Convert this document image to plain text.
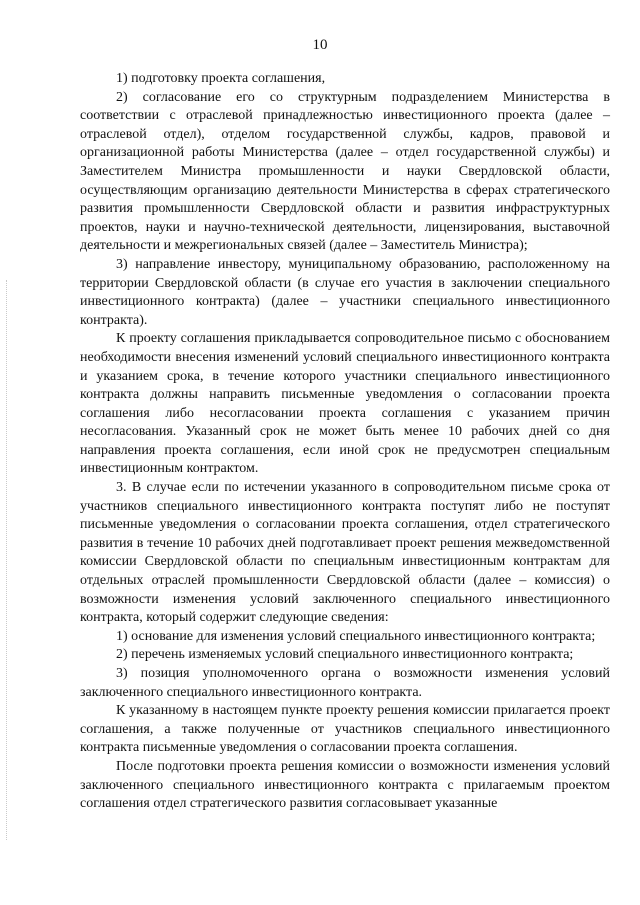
10

1) подготовку проекта соглашения,

2) согласование его со структурным подразделением Министерства в соответствии с отраслевой принадлежностью инвестиционного проекта (далее – отраслевой отдел), отделом государственной службы, кадров, правовой и организационной работы Министерства (далее – отдел государственной службы) и Заместителем Министра промышленности и науки Свердловской области, осуществляющим организацию деятельности Министерства в сферах стратегического развития промышленности Свердловской области и развития инфраструктурных проектов, науки и научно-технической деятельности, лицензирования, выставочной деятельности и межрегиональных связей (далее – Заместитель Министра);

3) направление инвестору, муниципальному образованию, расположенному на территории Свердловской области (в случае его участия в заключении специального инвестиционного контракта) (далее – участники специального инвестиционного контракта).

К проекту соглашения прикладывается сопроводительное письмо с обоснованием необходимости внесения изменений условий специального инвестиционного контракта и указанием срока, в течение которого участники специального инвестиционного контракта должны направить письменные уведомления о согласовании проекта соглашения либо несогласовании проекта соглашения с указанием причин несогласования. Указанный срок не может быть менее 10 рабочих дней со дня направления проекта соглашения, если иной срок не предусмотрен специальным инвестиционным контрактом.

3. В случае если по истечении указанного в сопроводительном письме срока от участников специального инвестиционного контракта поступят либо не поступят письменные уведомления о согласовании проекта соглашения, отдел стратегического развития в течение 10 рабочих дней подготавливает проект решения межведомственной комиссии Свердловской области по специальным инвестиционным контрактам для отдельных отраслей промышленности Свердловской области (далее – комиссия) о возможности изменения условий заключенного специального инвестиционного контракта, который содержит следующие сведения:

1) основание для изменения условий специального инвестиционного контракта;

2) перечень изменяемых условий специального инвестиционного контракта;

3) позиция уполномоченного органа о возможности изменения условий заключенного специального инвестиционного контракта.

К указанному в настоящем пункте проекту решения комиссии прилагается проект соглашения, а также полученные от участников специального инвестиционного контракта письменные уведомления о согласовании проекта соглашения.

После подготовки проекта решения комиссии о возможности изменения условий заключенного специального инвестиционного контракта с прилагаемым проектом соглашения отдел стратегического развития согласовывает указанные
